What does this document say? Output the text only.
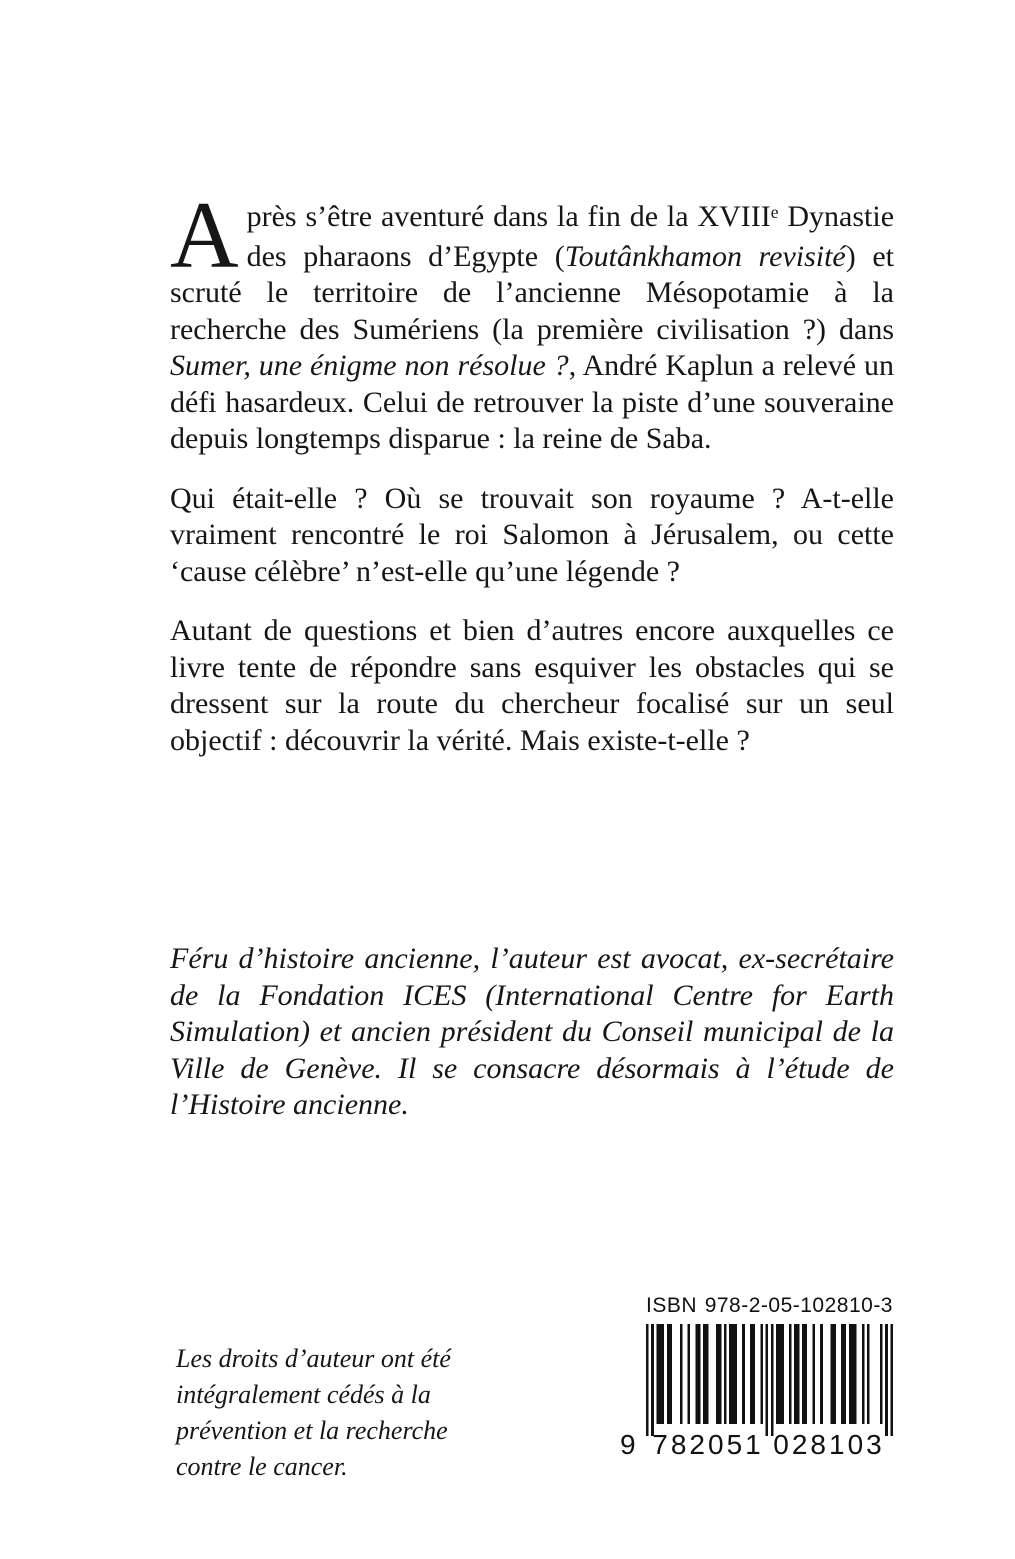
Après s’être aventuré dans la fin de la XVIIIe Dynastie des pharaons d’Egypte (Toutânkhamon revisité) et scruté le territoire de l’ancienne Mésopotamie à la recherche des Sumériens (la première civilisation ?) dans Sumer, une énigme non résolue ?, André Kaplun a relevé un défi hasardeux. Celui de retrouver la piste d’une souveraine depuis longtemps disparue : la reine de Saba.

Qui était-elle ? Où se trouvait son royaume ? A-t-elle vraiment rencontré le roi Salomon à Jérusalem, ou cette ‘cause célèbre’ n’est-elle qu’une légende ?

Autant de questions et bien d’autres encore auxquelles ce livre tente de répondre sans esquiver les obstacles qui se dressent sur la route du chercheur focalisé sur un seul objectif : découvrir la vérité. Mais existe-t-elle ?

Féru d’histoire ancienne, l’auteur est avocat, ex-secrétaire de la Fondation ICES (International Centre for Earth Simulation) et ancien président du Conseil municipal de la Ville de Genève. Il se consacre désormais à l’étude de l’Histoire ancienne.
Les droits d’auteur ont été intégralement cédés à la prévention et la recherche contre le cancer.
ISBN 978-2-05-102810-3
9 782051 028103
